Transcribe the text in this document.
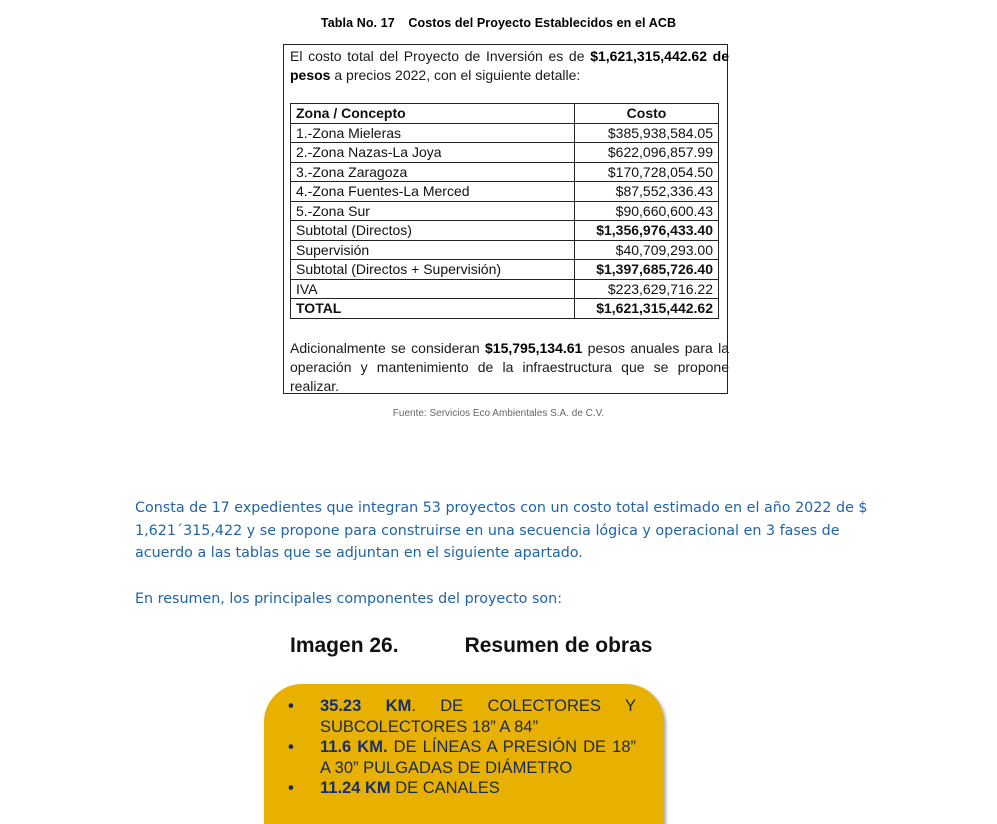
Tabla No. 17 Costos del Proyecto Establecidos en el ACB
El costo total del Proyecto de Inversión es de $1,621,315,442.62 de pesos a precios 2022, con el siguiente detalle:
Zona / Concepto	Costo
1.-Zona Mieleras	$385,938,584.05
2.-Zona Nazas-La Joya	$622,096,857.99
3.-Zona Zaragoza	$170,728,054.50
4.-Zona Fuentes-La Merced	$87,552,336.43
5.-Zona Sur	$90,660,600.43
Subtotal (Directos)	$1,356,976,433.40
Supervisión	$40,709,293.00
Subtotal (Directos + Supervisión)	$1,397,685,726.40
IVA	$223,629,716.22
TOTAL	$1,621,315,442.62
Adicionalmente se consideran $15,795,134.61 pesos anuales para la operación y mantenimiento de la infraestructura que se propone realizar.
Fuente: Servicios Eco Ambientales S.A. de C.V.
Consta de 17 expedientes que integran 53 proyectos con un costo total estimado en el año 2022 de $ 1,621´315,422 y se propone para construirse en una secuencia lógica y operacional en 3 fases de acuerdo a las tablas que se adjuntan en el siguiente apartado.
En resumen, los principales componentes del proyecto son:
Imagen 26.	Resumen de obras
• 35.23 KM. DE COLECTORES Y SUBCOLECTORES 18” A 84”
• 11.6 KM. DE LÍNEAS A PRESIÓN DE 18” A 30” PULGADAS DE DIÁMETRO
• 11.24 KM DE CANALES
